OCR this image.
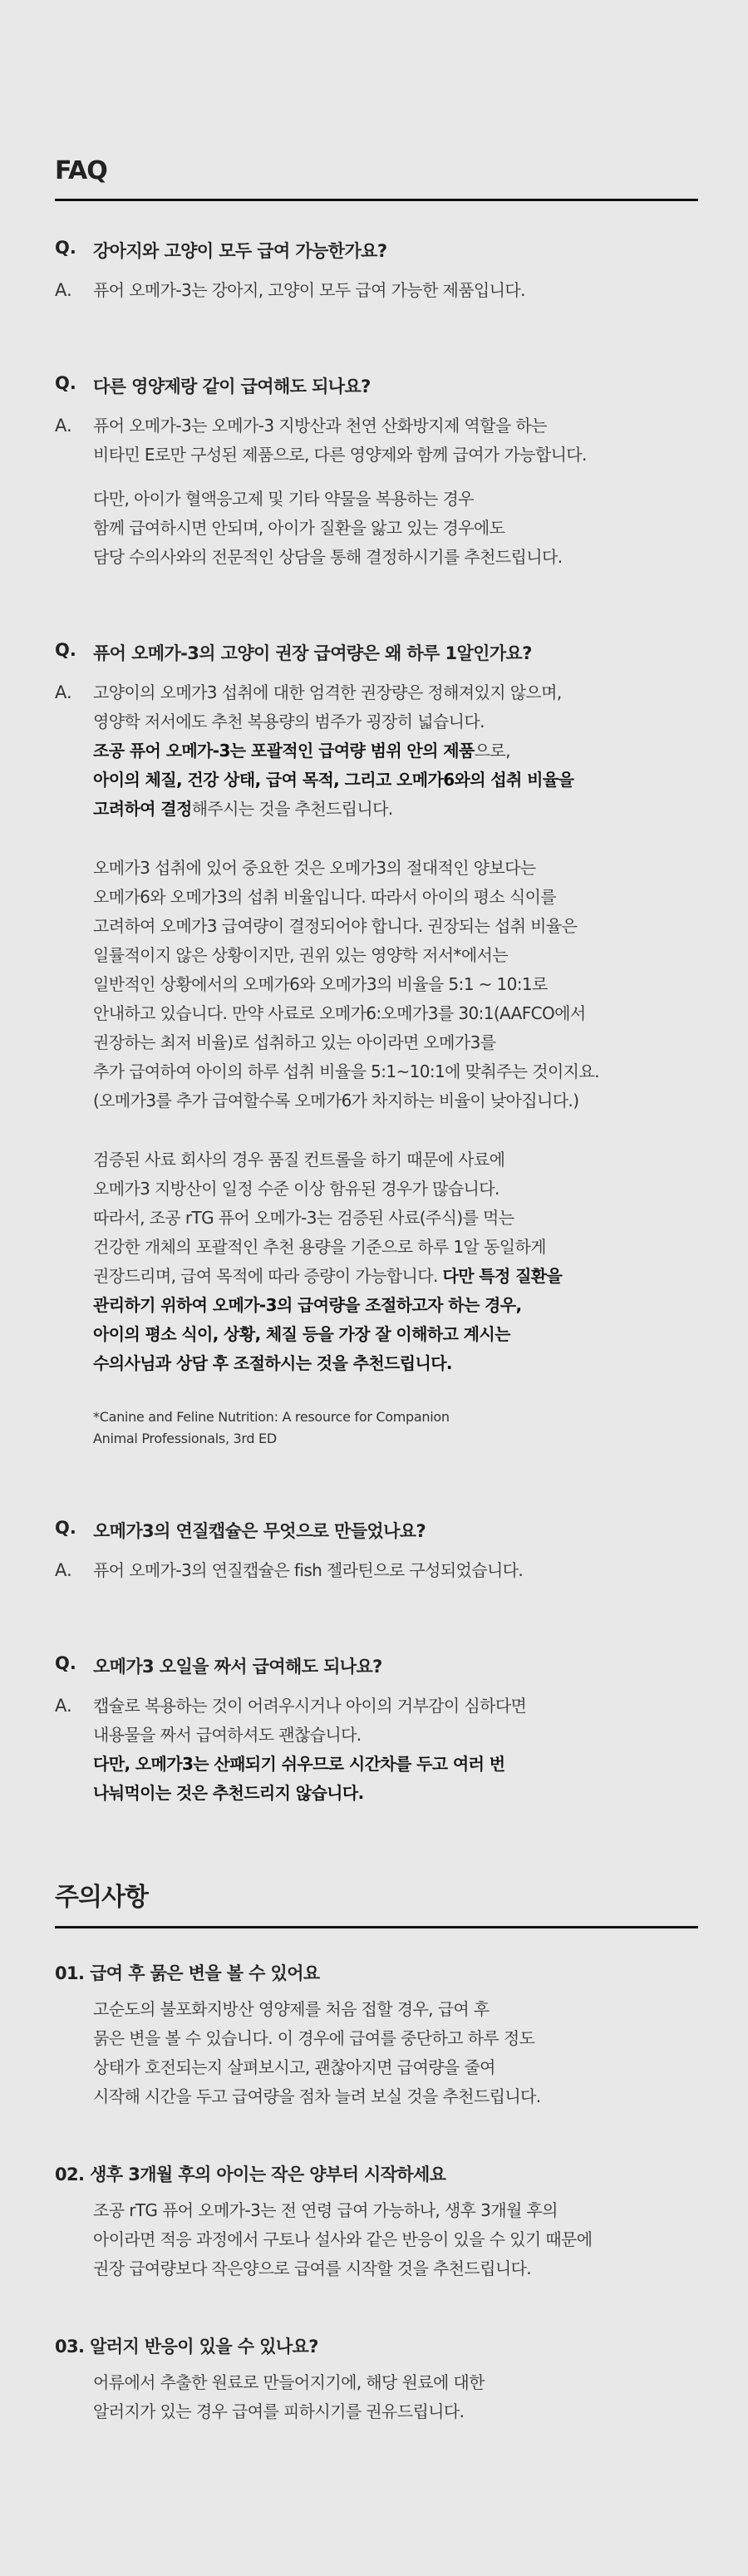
FAQ
Q. 강아지와 고양이 모두 급여 가능한가요?
A.	퓨어 오메가-3는 강아지, 고양이 모두 급여 가능한 제품입니다.

Q. 다른 영양제랑 같이 급여해도 되나요?
A.	퓨어 오메가-3는 오메가-3 지방산과 천연 산화방지제 역할을 하는
비타민 E로만 구성된 제품으로, 다른 영양제와 함께 급여가 가능합니다.

다만, 아이가 혈액응고제 및 기타 약물을 복용하는 경우
함께 급여하시면 안되며, 아이가 질환을 앓고 있는 경우에도
담당 수의사와의 전문적인 상담을 통해 결정하시기를 추천드립니다.

Q. 퓨어 오메가-3의 고양이 권장 급여량은 왜 하루 1알인가요?
A.	고양이의 오메가3 섭취에 대한 엄격한 권장량은 정해져있지 않으며,
영양학 저서에도 추천 복용량의 범주가 굉장히 넓습니다.
조공 퓨어 오메가-3는 포괄적인 급여량 범위 안의 제품으로,
아이의 체질, 건강 상태, 급여 목적, 그리고 오메가6와의 섭취 비율을
고려하여 결정해주시는 것을 추천드립니다.

오메가3 섭취에 있어 중요한 것은 오메가3의 절대적인 양보다는
오메가6와 오메가3의 섭취 비율입니다. 따라서 아이의 평소 식이를
고려하여 오메가3 급여량이 결정되어야 합니다. 권장되는 섭취 비율은
일률적이지 않은 상황이지만, 권위 있는 영양학 저서*에서는
일반적인 상황에서의 오메가6와 오메가3의 비율을 5:1 ~ 10:1로
안내하고 있습니다. 만약 사료로 오메가6:오메가3를 30:1(AAFCO에서
권장하는 최저 비율)로 섭취하고 있는 아이라면 오메가3를
추가 급여하여 아이의 하루 섭취 비율을 5:1~10:1에 맞춰주는 것이지요.
(오메가3를 추가 급여할수록 오메가6가 차지하는 비율이 낮아집니다.)

검증된 사료 회사의 경우 품질 컨트롤을 하기 때문에 사료에
오메가3 지방산이 일정 수준 이상 함유된 경우가 많습니다.
따라서, 조공 rTG 퓨어 오메가-3는 검증된 사료(주식)를 먹는
건강한 개체의 포괄적인 추천 용량을 기준으로 하루 1알 동일하게
권장드리며, 급여 목적에 따라 증량이 가능합니다. 다만 특정 질환을
관리하기 위하여 오메가-3의 급여량을 조절하고자 하는 경우,
아이의 평소 식이, 상황, 체질 등을 가장 잘 이해하고 계시는
수의사님과 상담 후 조절하시는 것을 추천드립니다.

*Canine and Feline Nutrition: A resource for Companion
Animal Professionals, 3rd ED
Q. 오메가3의 연질캡슐은 무엇으로 만들었나요?
A.	퓨어 오메가-3의 연질캡슐은 fish 젤라틴으로 구성되었습니다.

Q. 오메가3 오일을 짜서 급여해도 되나요?
A.	캡슐로 복용하는 것이 어려우시거나 아이의 거부감이 심하다면
내용물을 짜서 급여하셔도 괜찮습니다.
다만, 오메가3는 산패되기 쉬우므로 시간차를 두고 여러 번
나눠먹이는 것은 추천드리지 않습니다.

주의사항
01. 급여 후 묽은 변을 볼 수 있어요
고순도의 불포화지방산 영양제를 처음 접할 경우, 급여 후
묽은 변을 볼 수 있습니다. 이 경우에 급여를 중단하고 하루 정도
상태가 호전되는지 살펴보시고, 괜찮아지면 급여량을 줄여
시작해 시간을 두고 급여량을 점차 늘려 보실 것을 추천드립니다.
02. 생후 3개월 후의 아이는 작은 양부터 시작하세요
조공 rTG 퓨어 오메가-3는 전 연령 급여 가능하나, 생후 3개월 후의
아이라면 적응 과정에서 구토나 설사와 같은 반응이 있을 수 있기 때문에
권장 급여량보다 작은양으로 급여를 시작할 것을 추천드립니다.
03. 알러지 반응이 있을 수 있나요?
어류에서 추출한 원료로 만들어지기에, 해당 원료에 대한
알러지가 있는 경우 급여를 피하시기를 권유드립니다.
